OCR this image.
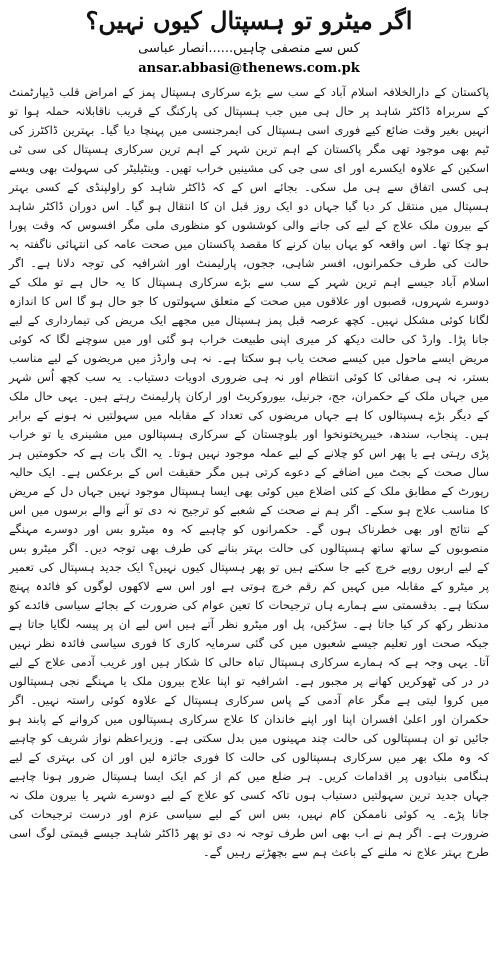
اگر میٹرو تو ہسپتال کیوں نہیں؟

کس سے منصفی چاہیں......انصار عباسی

ansar.abbasi@thenews.com.pk

پاکستان کے دارالخلافہ اسلام آباد کے سب سے بڑے سرکاری ہسپتال پمز کے امراض قلب ڈیپارٹمنٹ کے سربراہ ڈاکٹر شاہد پر حال ہی میں جب ہسپتال کی پارکنگ کے قریب ناقابلانہ حملہ ہوا تو انہیں بغیر وقت ضائع کیے فوری اسی ہسپتال کی ایمرجنسی میں پہنچا دیا گیا۔ بہترین ڈاکٹرز کی ٹیم بھی موجود تھی مگر پاکستان کے اہم ترین شہر کے اہم ترین سرکاری ہسپتال کی سی ٹی اسکین کے علاوہ ایکسرے اور ای سی جی کی مشینیں خراب تھیں۔ وینٹیلیٹر کی سہولت بھی ویسے ہی کسی اتفاق سے ہی مل سکی۔ بجائے اس کے کہ ڈاکٹر شاہد کو راولپنڈی کے کسی بہتر ہسپتال میں منتقل کر دیا گیا جہاں دو ایک روز قبل ان کا انتقال ہو گیا۔ اس دوران ڈاکٹر شاہد کے بیرون ملک علاج کے لیے کی جانے والی کوششوں کو منظوری ملی مگر افسوس کہ وقت پورا ہو چکا تھا۔ اس واقعہ کو یہاں بیان کرنے کا مقصد پاکستان میں صحت عامہ کی انتہائی ناگفتہ بہ حالت کی طرف حکمرانوں، افسر شاہی، ججوں، پارلیمنٹ اور اشرافیہ کی توجہ دلانا ہے۔ اگر اسلام آباد جیسے اہم ترین شہر کے سب سے بڑے سرکاری ہسپتال کا یہ حال ہے تو ملک کے دوسرے شہروں، قصبوں اور علاقوں میں صحت کے متعلق سہولتوں کا جو حال ہو گا اس کا اندازہ لگانا کوئی مشکل نہیں۔ کچھ عرصہ قبل پمز ہسپتال میں مجھے ایک مریض کی تیمارداری کے لیے جانا پڑا۔ وارڈ کی حالت دیکھ کر میری اپنی طبیعت خراب ہو گئی اور میں سوچنے لگا کہ کوئی مریض ایسے ماحول میں کیسے صحت یاب ہو سکتا ہے۔ نہ ہی وارڈز میں مریضوں کے لیے مناسب بستر، نہ ہی صفائی کا کوئی انتظام اور نہ ہی ضروری ادویات دستیاب۔ یہ سب کچھ اُس شہر میں جہاں ملک کے حکمران، جج، جرنیل، بیوروکریٹ اور ارکان پارلیمنٹ رہتے ہیں۔ یہی حال ملک کے دیگر بڑے ہسپتالوں کا ہے جہاں مریضوں کی تعداد کے مقابلہ میں سہولتیں نہ ہونے کے برابر ہیں۔ پنجاب، سندھ، خیبرپختونخوا اور بلوچستان کے سرکاری ہسپتالوں میں مشینری یا تو خراب پڑی رہتی ہے یا پھر اس کو چلانے کے لیے عملہ موجود نہیں ہوتا۔ یہ الگ بات ہے کہ حکومتیں ہر سال صحت کے بجٹ میں اضافے کے دعوے کرتی ہیں مگر حقیقت اس کے برعکس ہے۔ ایک حالیہ رپورٹ کے مطابق ملک کے کئی اضلاع میں کوئی بھی ایسا ہسپتال موجود نہیں جہاں دل کے مریض کا مناسب علاج ہو سکے۔ اگر ہم نے صحت کے شعبے کو ترجیح نہ دی تو آنے والے برسوں میں اس کے نتائج اور بھی خطرناک ہوں گے۔ حکمرانوں کو چاہیے کہ وہ میٹرو بس اور دوسرے مہنگے منصوبوں کے ساتھ ساتھ ہسپتالوں کی حالت بہتر بنانے کی طرف بھی توجہ دیں۔ اگر میٹرو بس کے لیے اربوں روپے خرچ کیے جا سکتے ہیں تو پھر ہسپتال کیوں نہیں؟ ایک جدید ہسپتال کی تعمیر پر میٹرو کے مقابلہ میں کہیں کم رقم خرچ ہوتی ہے اور اس سے لاکھوں لوگوں کو فائدہ پہنچ سکتا ہے۔ بدقسمتی سے ہمارے ہاں ترجیحات کا تعین عوام کی ضرورت کے بجائے سیاسی فائدے کو مدنظر رکھ کر کیا جاتا ہے۔ سڑکیں، پل اور میٹرو نظر آتے ہیں اس لیے ان پر پیسہ لگایا جاتا ہے جبکہ صحت اور تعلیم جیسے شعبوں میں کی گئی سرمایہ کاری کا فوری سیاسی فائدہ نظر نہیں آتا۔ یہی وجہ ہے کہ ہمارے سرکاری ہسپتال تباہ حالی کا شکار ہیں اور غریب آدمی علاج کے لیے در در کی ٹھوکریں کھانے پر مجبور ہے۔ اشرافیہ تو اپنا علاج بیرون ملک یا مہنگے نجی ہسپتالوں میں کروا لیتی ہے مگر عام آدمی کے پاس سرکاری ہسپتال کے علاوہ کوئی راستہ نہیں۔ اگر حکمران اور اعلیٰ افسران اپنا اور اپنے خاندان کا علاج سرکاری ہسپتالوں میں کروانے کے پابند ہو جائیں تو ان ہسپتالوں کی حالت چند مہینوں میں بدل سکتی ہے۔ وزیراعظم نواز شریف کو چاہیے کہ وہ ملک بھر میں سرکاری ہسپتالوں کی حالت کا فوری جائزہ لیں اور ان کی بہتری کے لیے ہنگامی بنیادوں پر اقدامات کریں۔ ہر ضلع میں کم از کم ایک ایسا ہسپتال ضرور ہونا چاہیے جہاں جدید ترین سہولتیں دستیاب ہوں تاکہ کسی کو علاج کے لیے دوسرے شہر یا بیرون ملک نہ جانا پڑے۔ یہ کوئی ناممکن کام نہیں، بس اس کے لیے سیاسی عزم اور درست ترجیحات کی ضرورت ہے۔ اگر ہم نے اب بھی اس طرف توجہ نہ دی تو پھر ڈاکٹر شاہد جیسے قیمتی لوگ اسی طرح بہتر علاج نہ ملنے کے باعث ہم سے بچھڑتے رہیں گے۔
